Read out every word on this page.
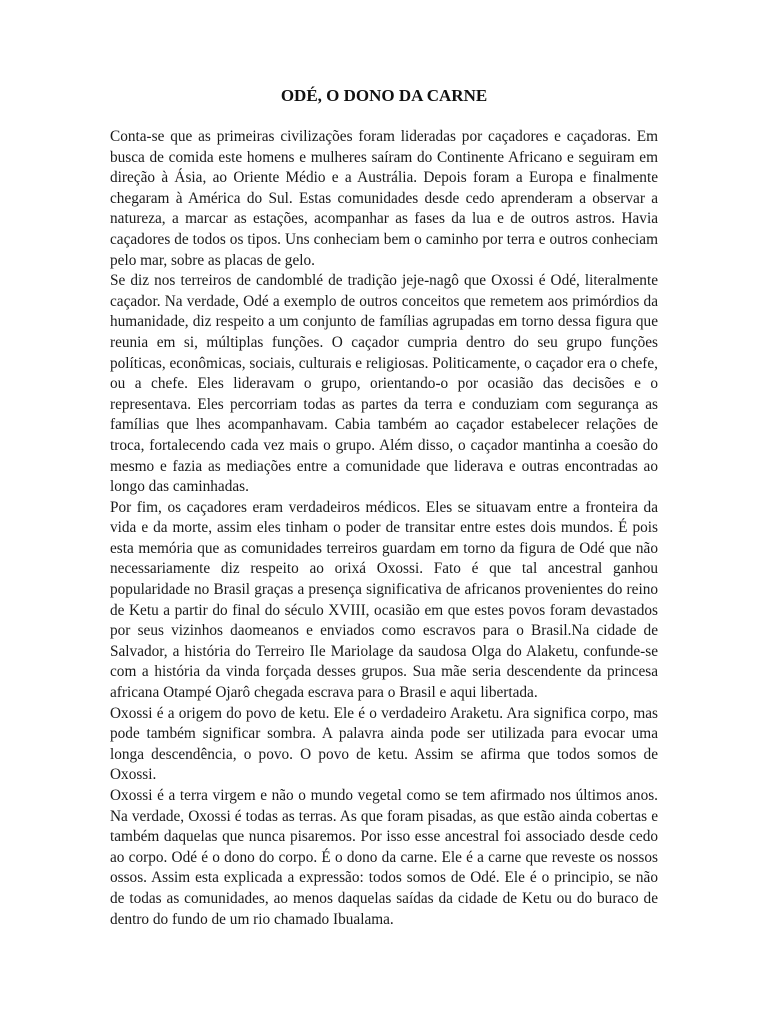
ODÉ, O DONO DA CARNE

Conta-se que as primeiras civilizações foram lideradas por caçadores e caçadoras. Em busca de comida este homens e mulheres saíram do Continente Africano e seguiram em direção à Ásia, ao Oriente Médio e a Austrália. Depois foram a Europa e finalmente chegaram à América do Sul. Estas comunidades desde cedo aprenderam a observar a natureza, a marcar as estações, acompanhar as fases da lua e de outros astros. Havia caçadores de todos os tipos. Uns conheciam bem o caminho por terra e outros conheciam pelo mar, sobre as placas de gelo.

Se diz nos terreiros de candomblé de tradição jeje-nagô que Oxossi é Odé, literalmente caçador. Na verdade, Odé a exemplo de outros conceitos que remetem aos primórdios da humanidade, diz respeito a um conjunto de famílias agrupadas em torno dessa figura que reunia em si, múltiplas funções. O caçador cumpria dentro do seu grupo funções políticas, econômicas, sociais, culturais e religiosas. Politicamente, o caçador era o chefe, ou a chefe. Eles lideravam o grupo, orientando-o por ocasião das decisões e o representava. Eles percorriam todas as partes da terra e conduziam com segurança as famílias que lhes acompanhavam. Cabia também ao caçador estabelecer relações de troca, fortalecendo cada vez mais o grupo. Além disso, o caçador mantinha a coesão do mesmo e fazia as mediações entre a comunidade que liderava e outras encontradas ao longo das caminhadas.

Por fim, os caçadores eram verdadeiros médicos. Eles se situavam entre a fronteira da vida e da morte, assim eles tinham o poder de transitar entre estes dois mundos. É pois esta memória que as comunidades terreiros guardam em torno da figura de Odé que não necessariamente diz respeito ao orixá Oxossi. Fato é que tal ancestral ganhou popularidade no Brasil graças a presença significativa de africanos provenientes do reino de Ketu a partir do final do século XVIII, ocasião em que estes povos foram devastados por seus vizinhos daomeanos e enviados como escravos para o Brasil.Na cidade de Salvador, a história do Terreiro Ile Mariolage da saudosa Olga do Alaketu, confunde-se com a história da vinda forçada desses grupos. Sua mãe seria descendente da princesa africana Otampé Ojarô chegada escrava para o Brasil e aqui libertada.

Oxossi é a origem do povo de ketu. Ele é o verdadeiro Araketu. Ara significa corpo, mas pode também significar sombra. A palavra ainda pode ser utilizada para evocar uma longa descendência, o povo. O povo de ketu. Assim se afirma que todos somos de Oxossi.

Oxossi é a terra virgem e não o mundo vegetal como se tem afirmado nos últimos anos. Na verdade, Oxossi é todas as terras. As que foram pisadas, as que estão ainda cobertas e também daquelas que nunca pisaremos. Por isso esse ancestral foi associado desde cedo ao corpo. Odé é o dono do corpo. É o dono da carne. Ele é a carne que reveste os nossos ossos. Assim esta explicada a expressão: todos somos de Odé. Ele é o principio, se não de todas as comunidades, ao menos daquelas saídas da cidade de Ketu ou do buraco de dentro do fundo de um rio chamado Ibualama.
